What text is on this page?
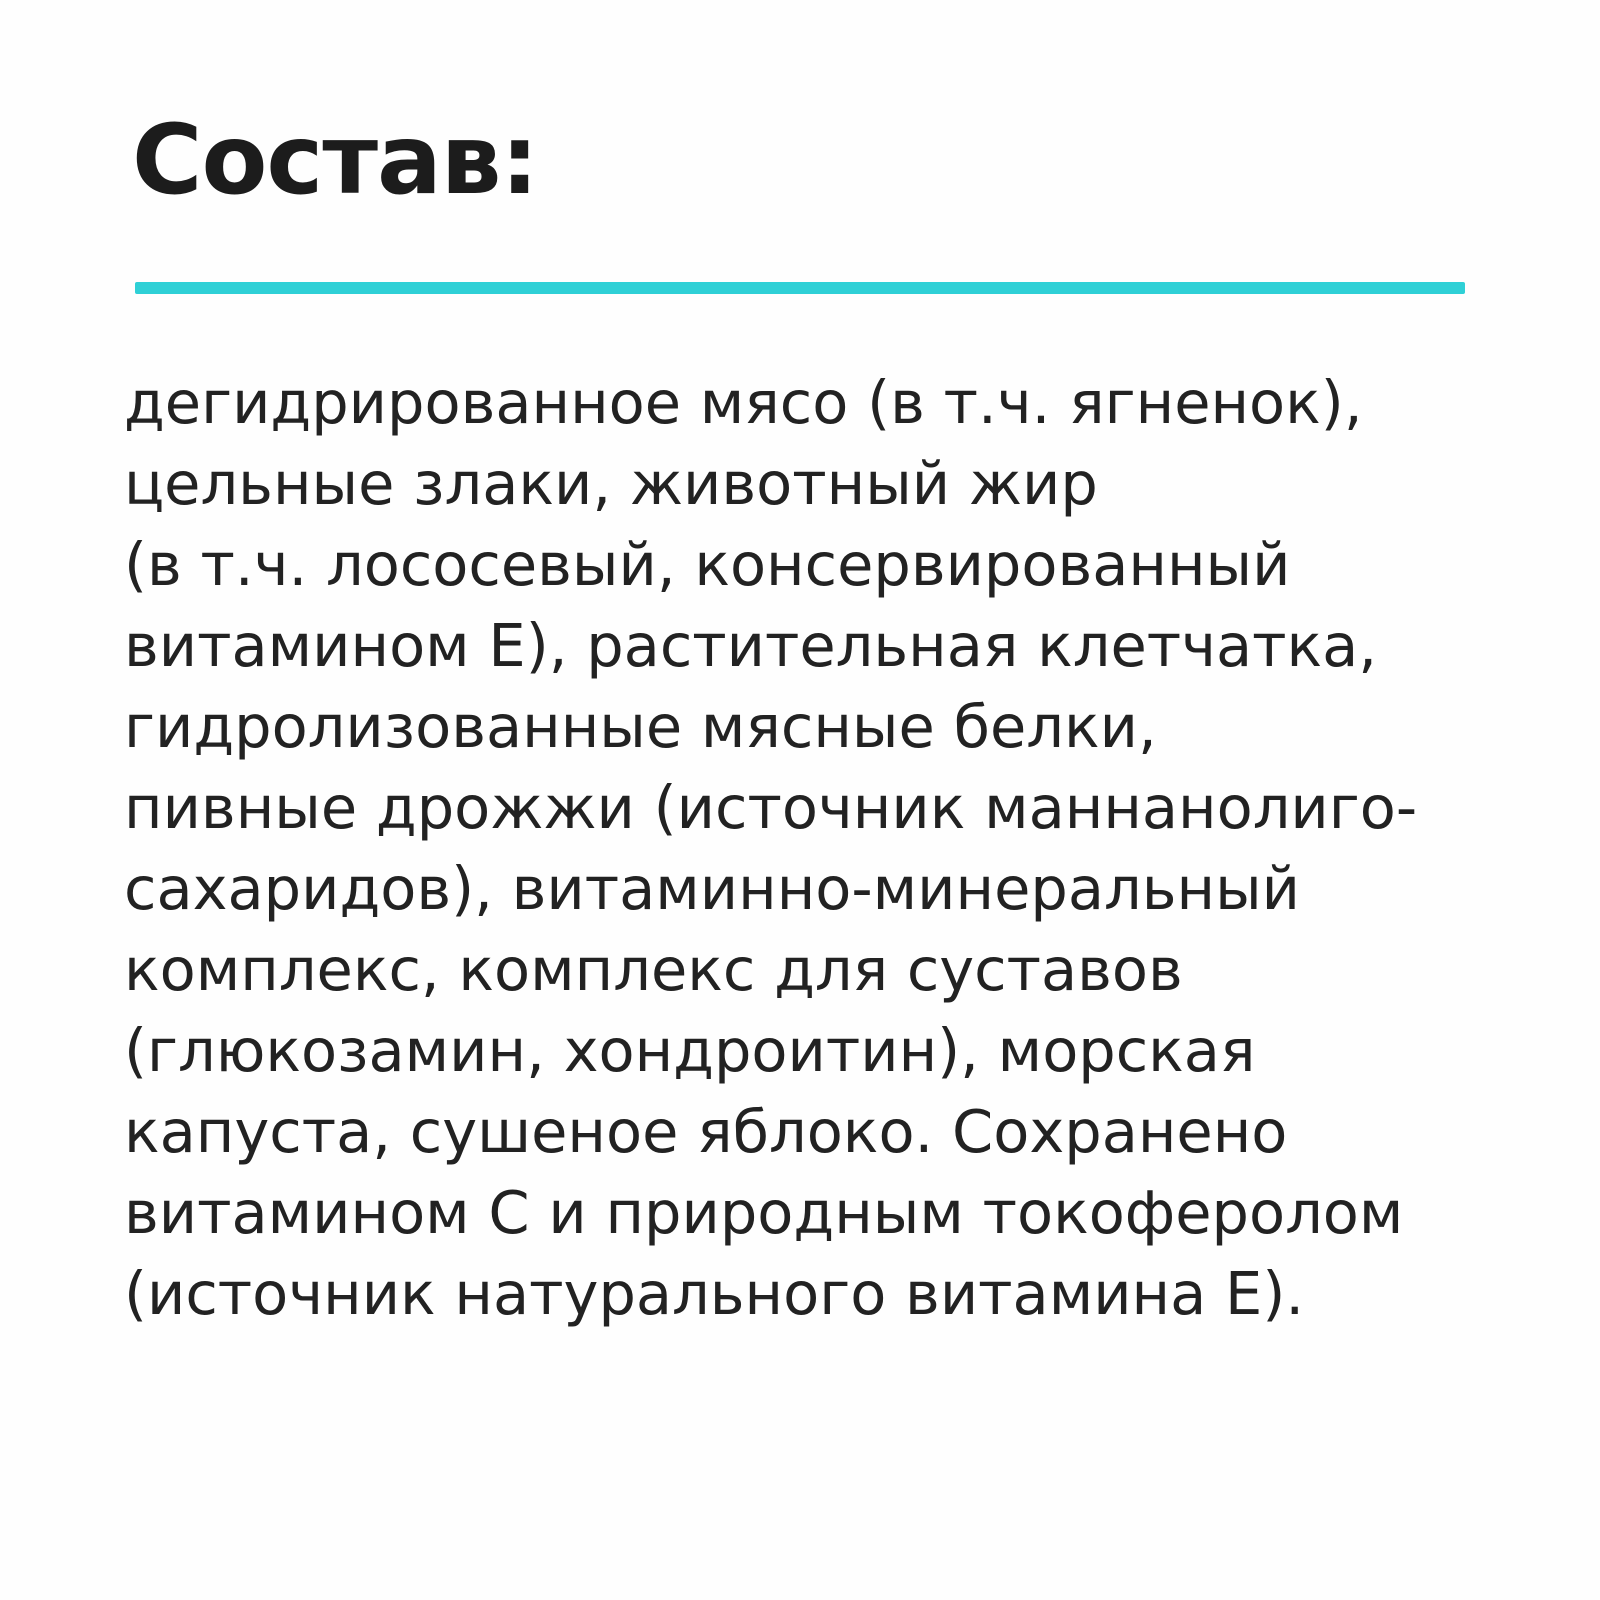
Состав:

дегидрированное мясо (в т.ч. ягненок),
цельные злаки, животный жир
(в т.ч. лососевый, консервированный
витамином Е), растительная клетчатка,
гидролизованные мясные белки,
пивные дрожжи (источник маннанолиго-
сахаридов), витаминно-минеральный
комплекс, комплекс для суставов
(глюкозамин, хондроитин), морская
капуста, сушеное яблоко. Сохранено
витамином С и природным токоферолом
(источник натурального витамина Е).
